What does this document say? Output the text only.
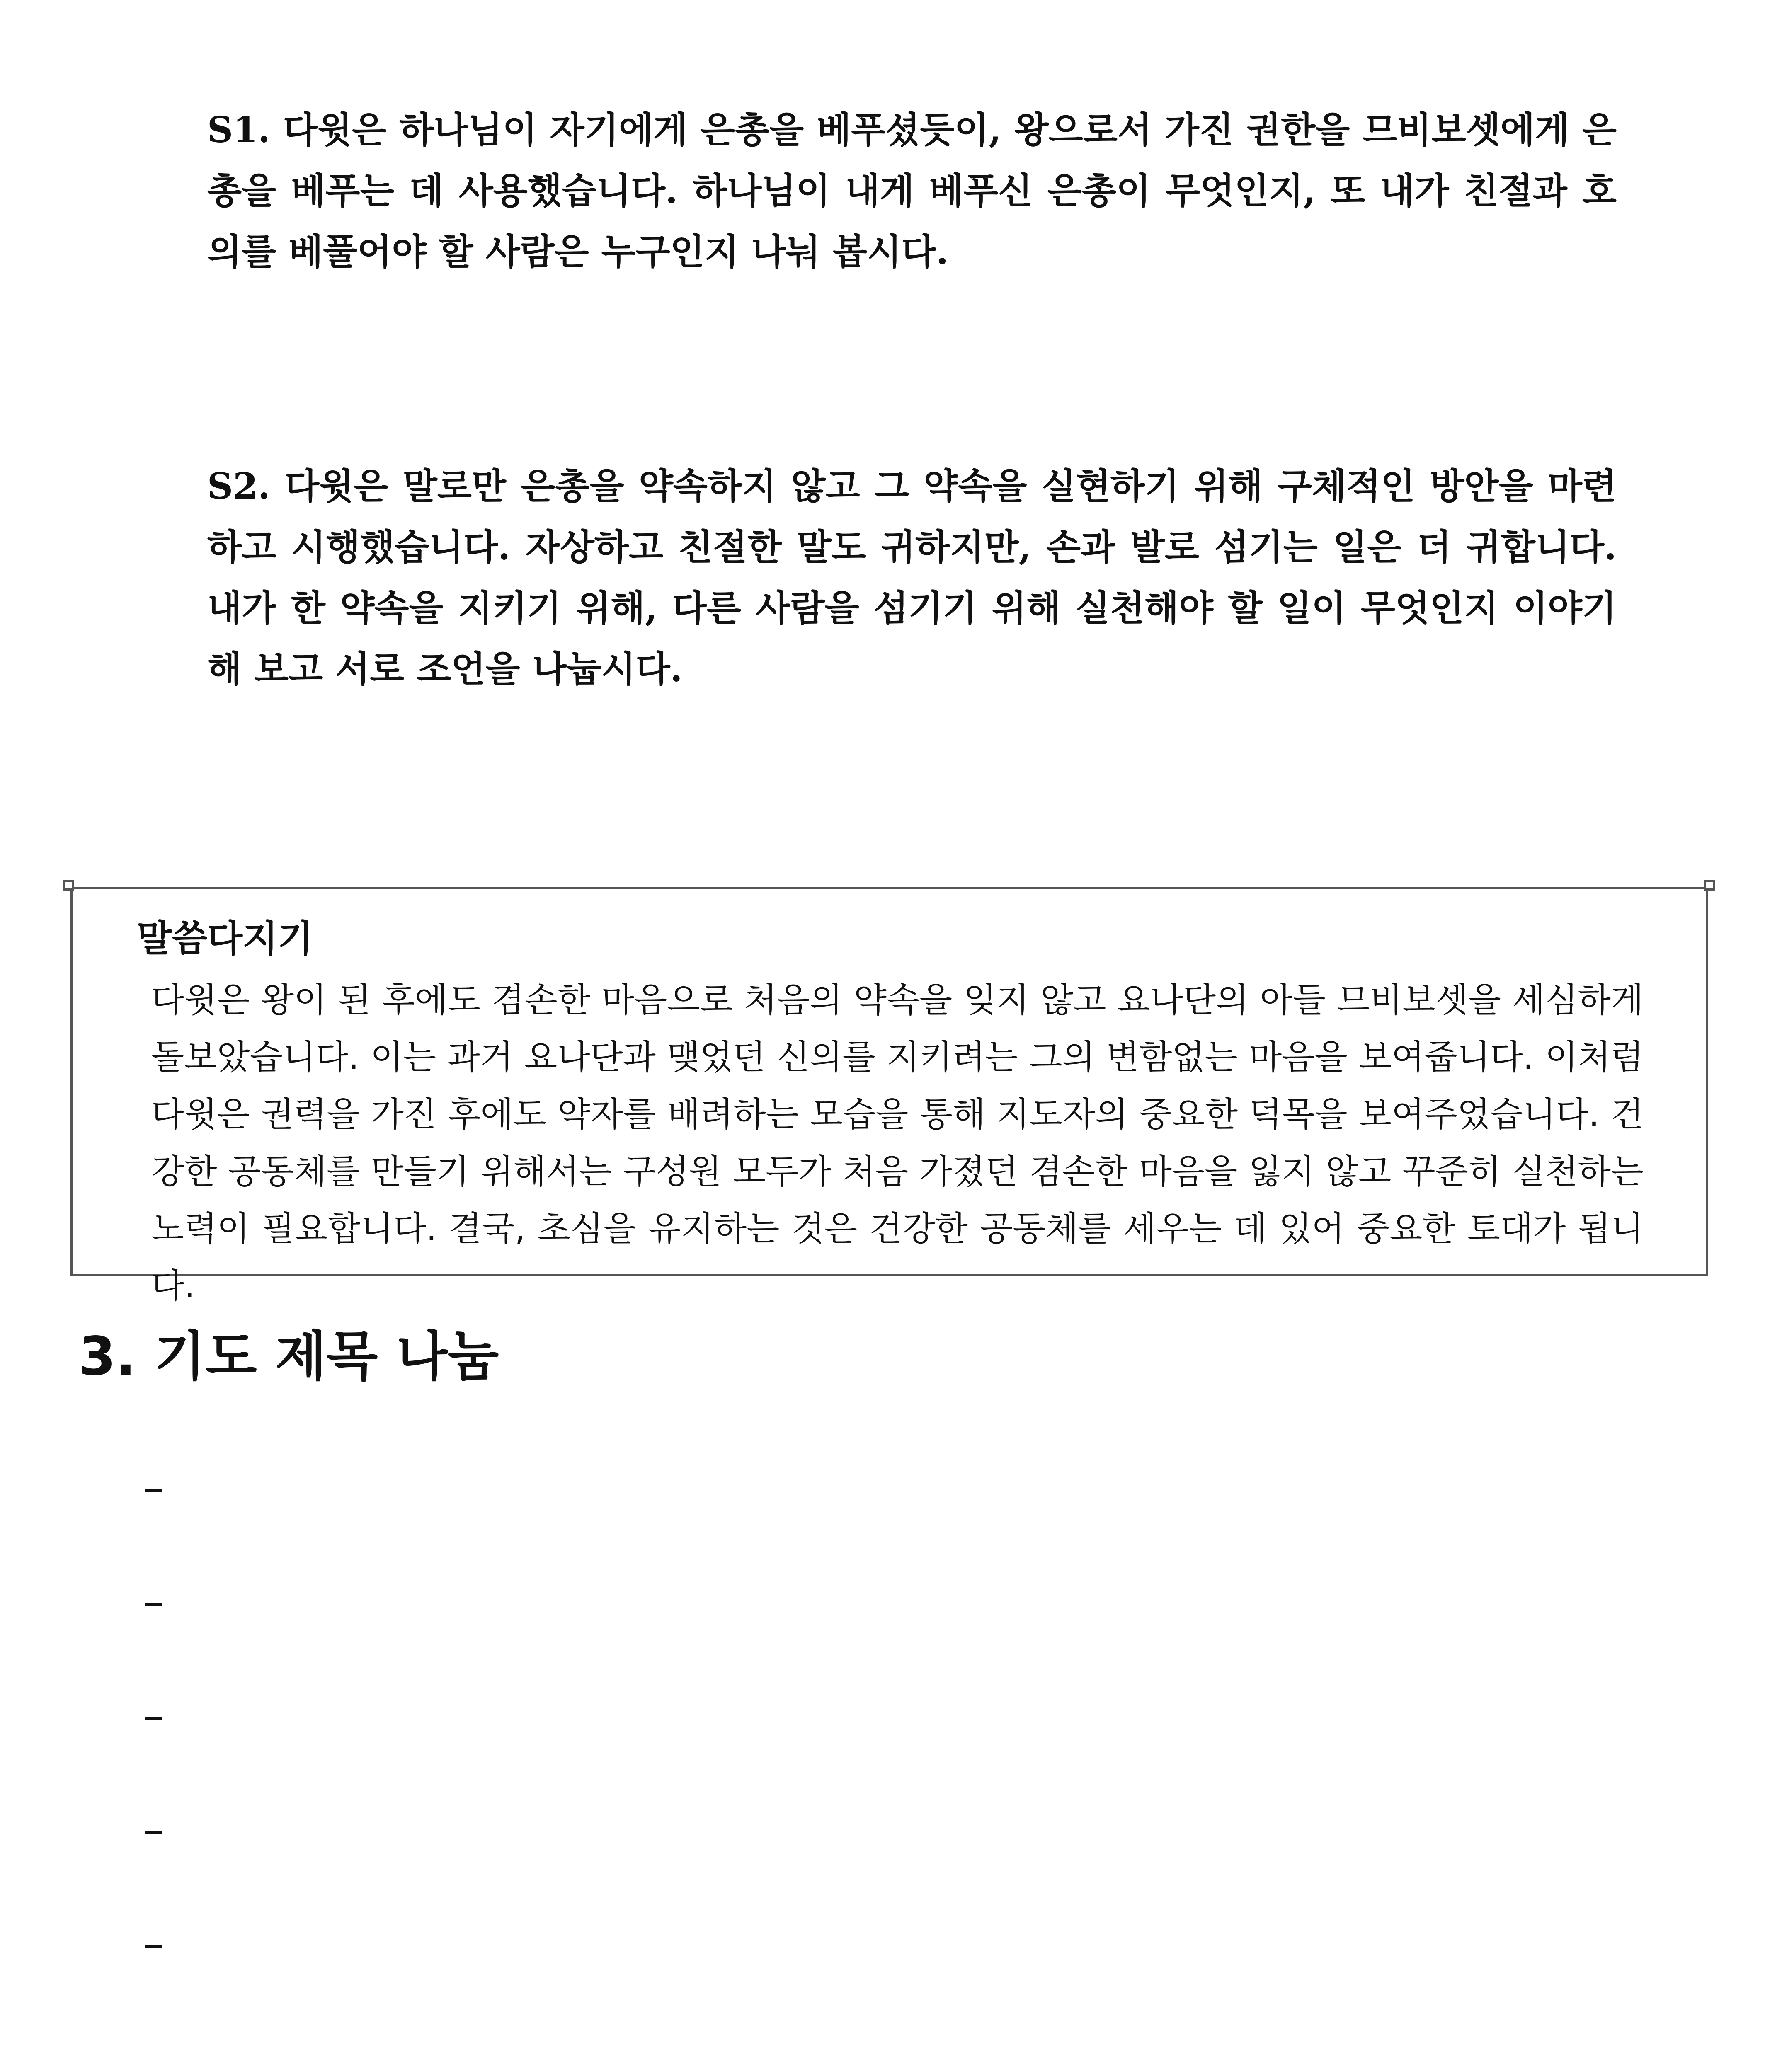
S1. 다윗은 하나님이 자기에게 은총을 베푸셨듯이, 왕으로서 가진 권한을 므비보셋에게 은총을 베푸는 데 사용했습니다. 하나님이 내게 베푸신 은총이 무엇인지, 또 내가 친절과 호의를 베풀어야 할 사람은 누구인지 나눠 봅시다.
S2. 다윗은 말로만 은총을 약속하지 않고 그 약속을 실현하기 위해 구체적인 방안을 마련하고 시행했습니다. 자상하고 친절한 말도 귀하지만, 손과 발로 섬기는 일은 더 귀합니다. 내가 한 약속을 지키기 위해, 다른 사람을 섬기기 위해 실천해야 할 일이 무엇인지 이야기해 보고 서로 조언을 나눕시다.
말씀다지기
다윗은 왕이 된 후에도 겸손한 마음으로 처음의 약속을 잊지 않고 요나단의 아들 므비보셋을 세심하게 돌보았습니다. 이는 과거 요나단과 맺었던 신의를 지키려는 그의 변함없는 마음을 보여줍니다. 이처럼 다윗은 권력을 가진 후에도 약자를 배려하는 모습을 통해 지도자의 중요한 덕목을 보여주었습니다. 건강한 공동체를 만들기 위해서는 구성원 모두가 처음 가졌던 겸손한 마음을 잃지 않고 꾸준히 실천하는 노력이 필요합니다. 결국, 초심을 유지하는 것은 건강한 공동체를 세우는 데 있어 중요한 토대가 됩니다.
3. 기도 제목 나눔
–
–
–
–
–
